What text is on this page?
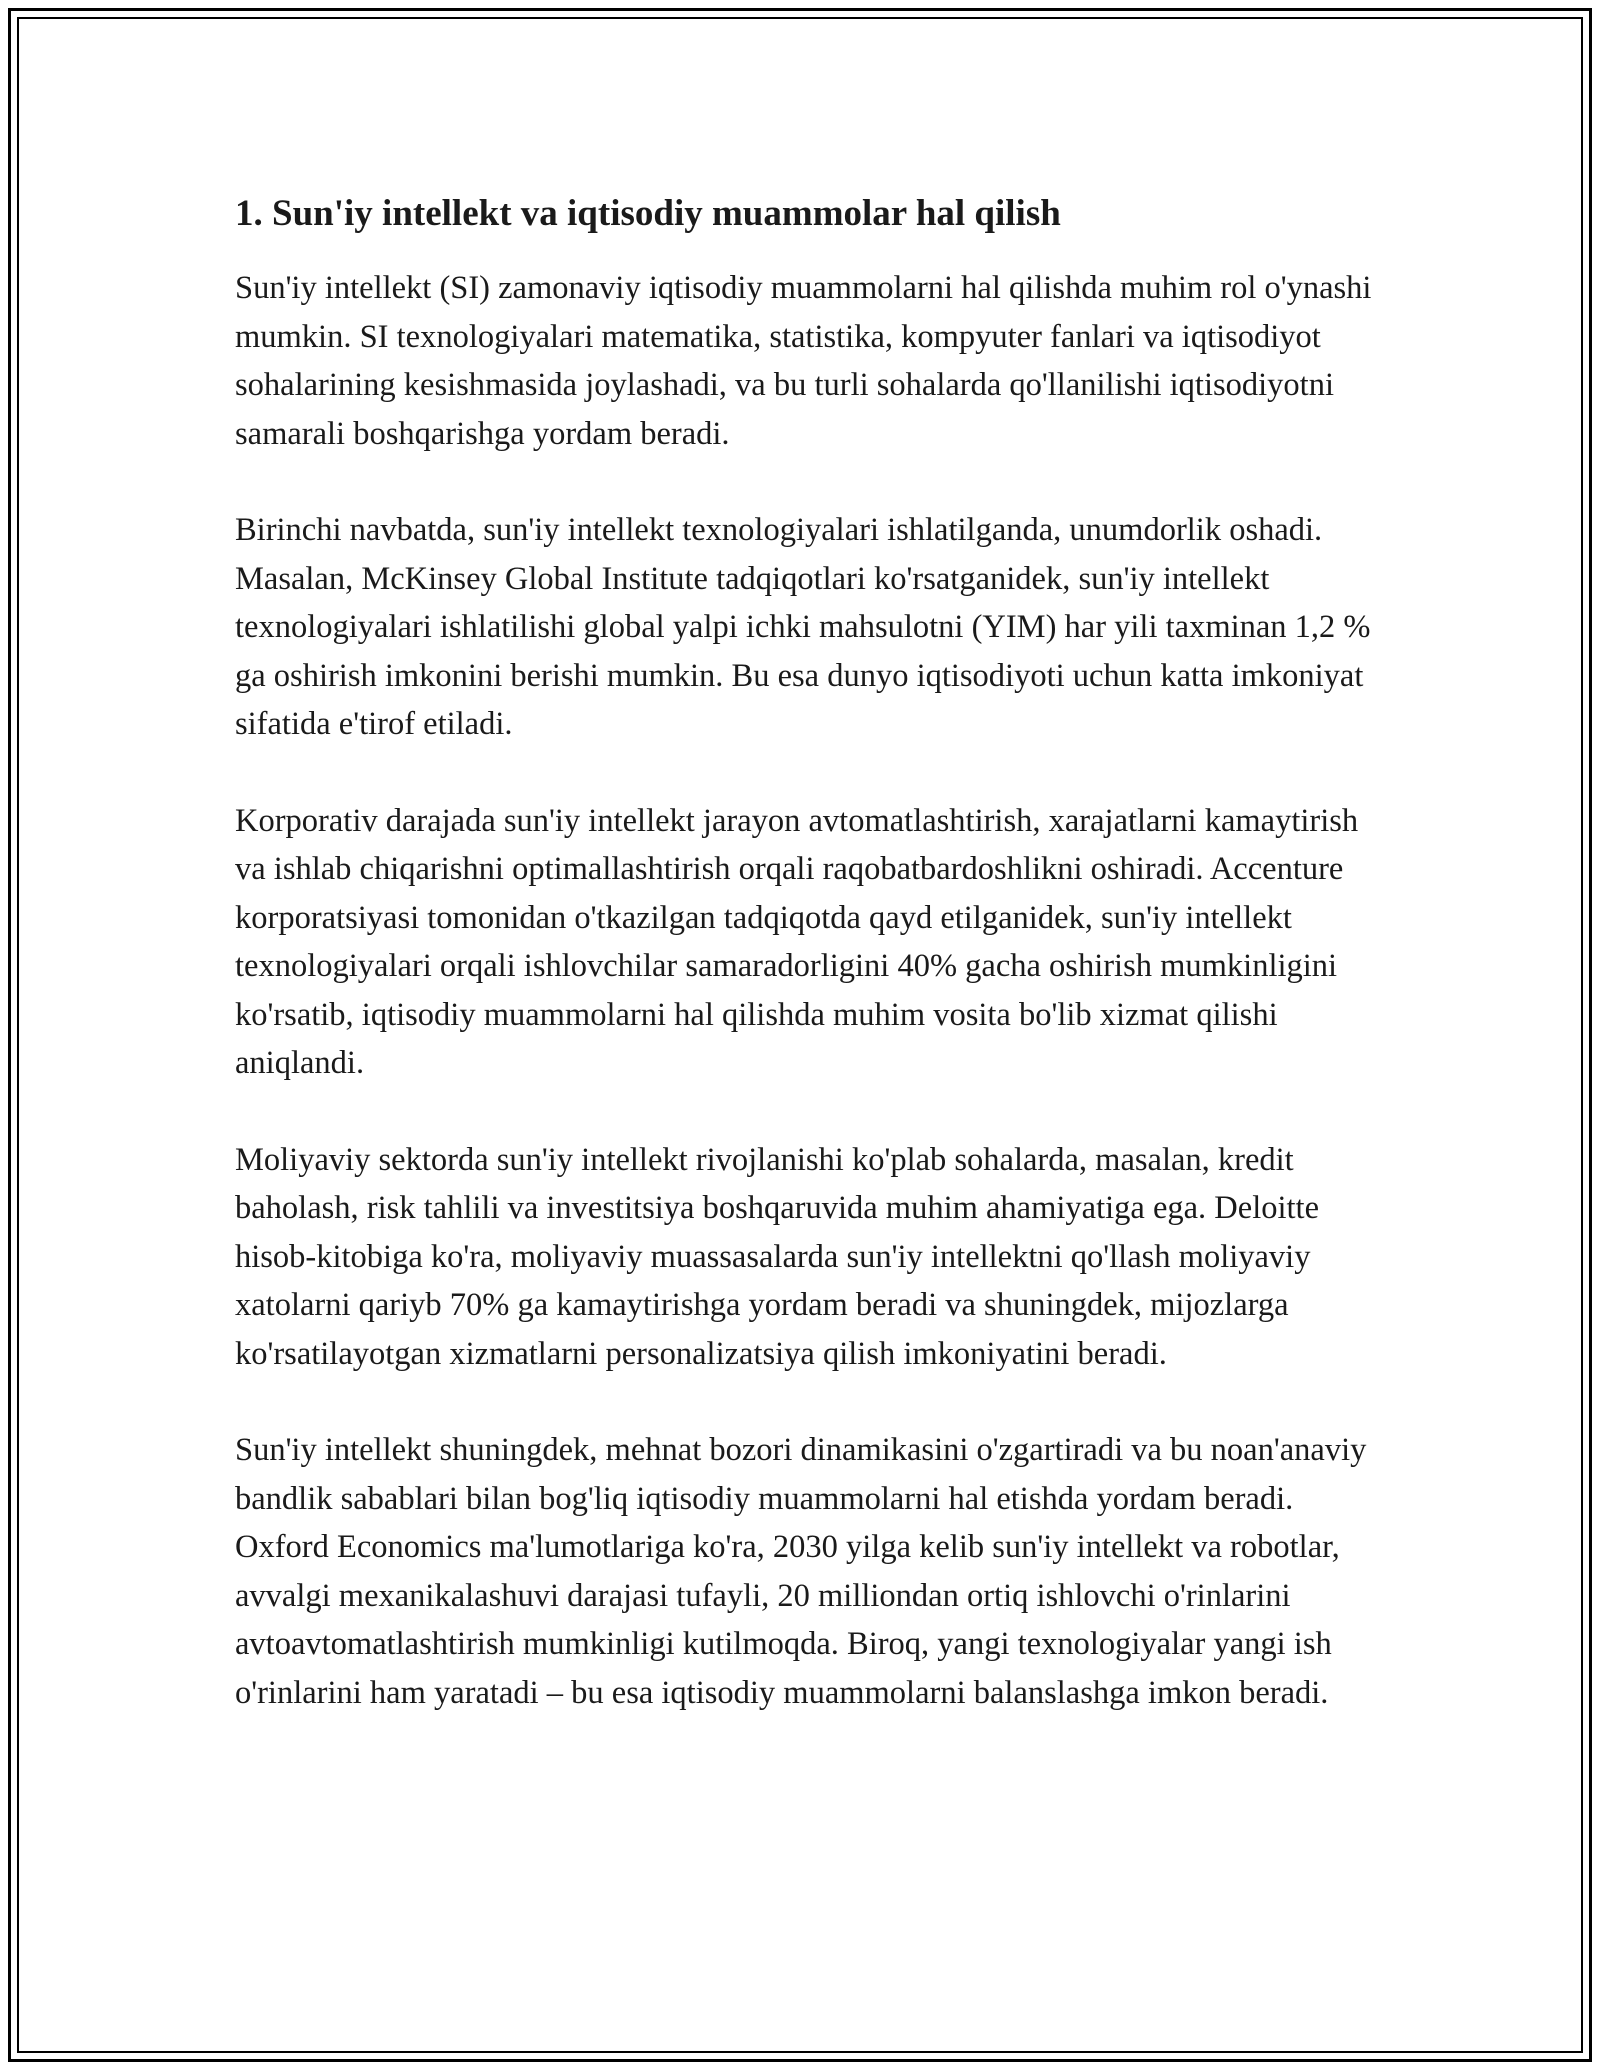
1. Sun'iy intellekt va iqtisodiy muammolar hal qilish

Sun'iy intellekt (SI) zamonaviy iqtisodiy muammolarni hal qilishda muhim rol o'ynashi mumkin. SI texnologiyalari matematika, statistika, kompyuter fanlari va iqtisodiyot sohalarining kesishmasida joylashadi, va bu turli sohalarda qo'llanilishi iqtisodiyotni samarali boshqarishga yordam beradi.

Birinchi navbatda, sun'iy intellekt texnologiyalari ishlatilganda, unumdorlik oshadi. Masalan, McKinsey Global Institute tadqiqotlari ko'rsatganidek, sun'iy intellekt texnologiyalari ishlatilishi global yalpi ichki mahsulotni (YIM) har yili taxminan 1,2 % ga oshirish imkonini berishi mumkin. Bu esa dunyo iqtisodiyoti uchun katta imkoniyat sifatida e'tirof etiladi.

Korporativ darajada sun'iy intellekt jarayon avtomatlashtirish, xarajatlarni kamaytirish va ishlab chiqarishni optimallashtirish orqali raqobatbardoshlikni oshiradi. Accenture korporatsiyasi tomonidan o'tkazilgan tadqiqotda qayd etilganidek, sun'iy intellekt texnologiyalari orqali ishlovchilar samaradorligini 40% gacha oshirish mumkinligini ko'rsatib, iqtisodiy muammolarni hal qilishda muhim vosita bo'lib xizmat qilishi aniqlandi.

Moliyaviy sektorda sun'iy intellekt rivojlanishi ko'plab sohalarda, masalan, kredit baholash, risk tahlili va investitsiya boshqaruvida muhim ahamiyatiga ega. Deloitte hisob-kitobiga ko'ra, moliyaviy muassasalarda sun'iy intellektni qo'llash moliyaviy xatolarni qariyb 70% ga kamaytirishga yordam beradi va shuningdek, mijozlarga ko'rsatilayotgan xizmatlarni personalizatsiya qilish imkoniyatini beradi.

Sun'iy intellekt shuningdek, mehnat bozori dinamikasini o'zgartiradi va bu noan'anaviy bandlik sabablari bilan bog'liq iqtisodiy muammolarni hal etishda yordam beradi. Oxford Economics ma'lumotlariga ko'ra, 2030 yilga kelib sun'iy intellekt va robotlar, avvalgi mexanikalashuvi darajasi tufayli, 20 milliondan ortiq ishlovchi o'rinlarini avtoavtomatlashtirish mumkinligi kutilmoqda. Biroq, yangi texnologiyalar yangi ish o'rinlarini ham yaratadi – bu esa iqtisodiy muammolarni balanslashga imkon beradi.
